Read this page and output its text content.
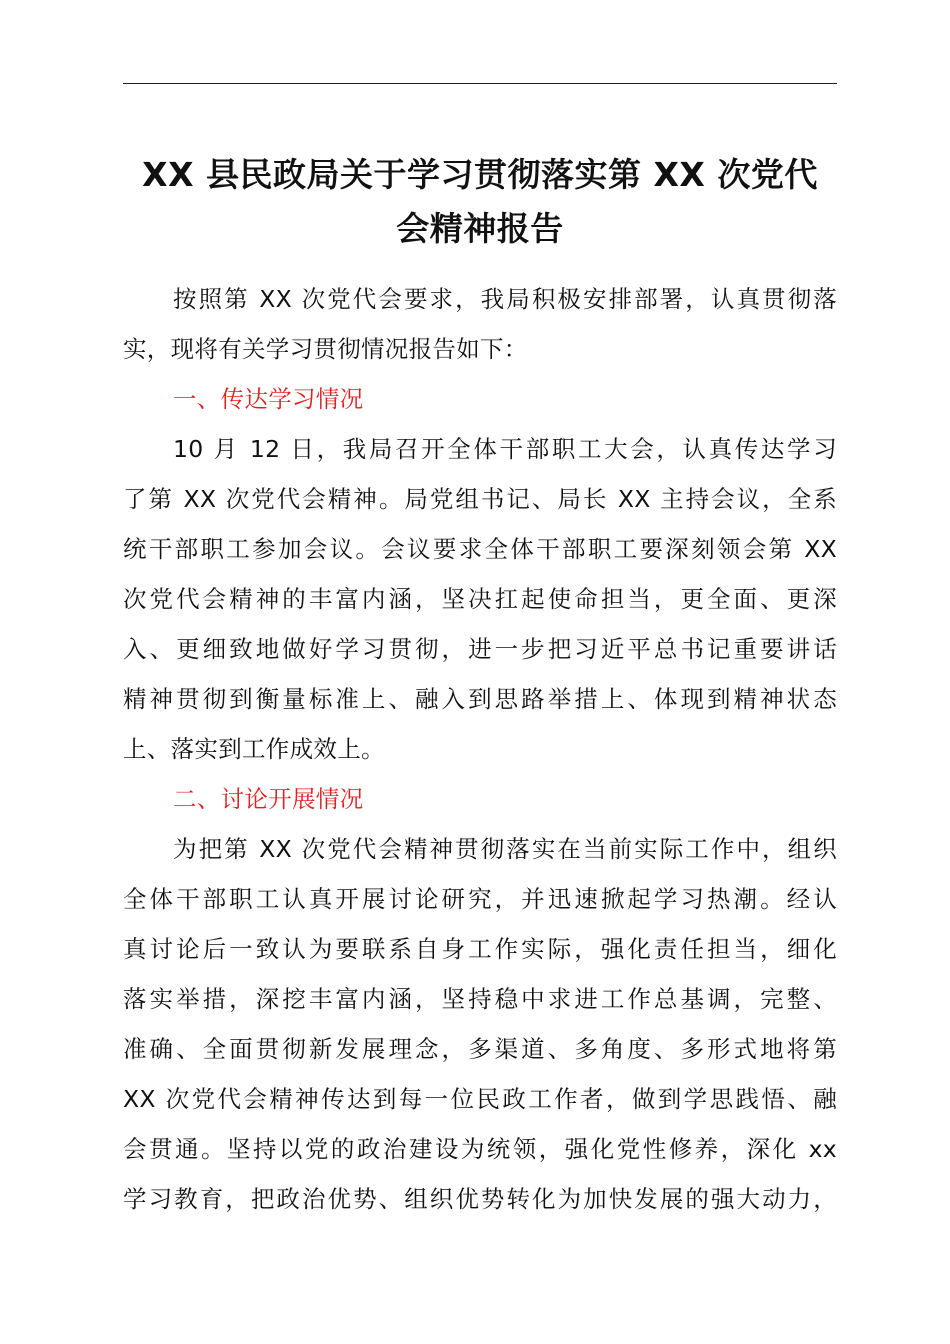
XX 县民政局关于学习贯彻落实第 XX 次党代
会精神报告
按照第 XX 次党代会要求，我局积极安排部署，认真贯彻落
实，现将有关学习贯彻情况报告如下：
一、传达学习情况
10 月 12 日，我局召开全体干部职工大会，认真传达学习
了第 XX 次党代会精神。局党组书记、局长 XX 主持会议，全系
统干部职工参加会议。会议要求全体干部职工要深刻领会第 XX
次党代会精神的丰富内涵，坚决扛起使命担当，更全面、更深
入、更细致地做好学习贯彻，进一步把习近平总书记重要讲话
精神贯彻到衡量标准上、融入到思路举措上、体现到精神状态
上、落实到工作成效上。
二、讨论开展情况
为把第 XX 次党代会精神贯彻落实在当前实际工作中，组织
全体干部职工认真开展讨论研究，并迅速掀起学习热潮。经认
真讨论后一致认为要联系自身工作实际，强化责任担当，细化
落实举措，深挖丰富内涵，坚持稳中求进工作总基调，完整、
准确、全面贯彻新发展理念，多渠道、多角度、多形式地将第
XX 次党代会精神传达到每一位民政工作者，做到学思践悟、融
会贯通。坚持以党的政治建设为统领，强化党性修养，深化 xx
学习教育，把政治优势、组织优势转化为加快发展的强大动力，
